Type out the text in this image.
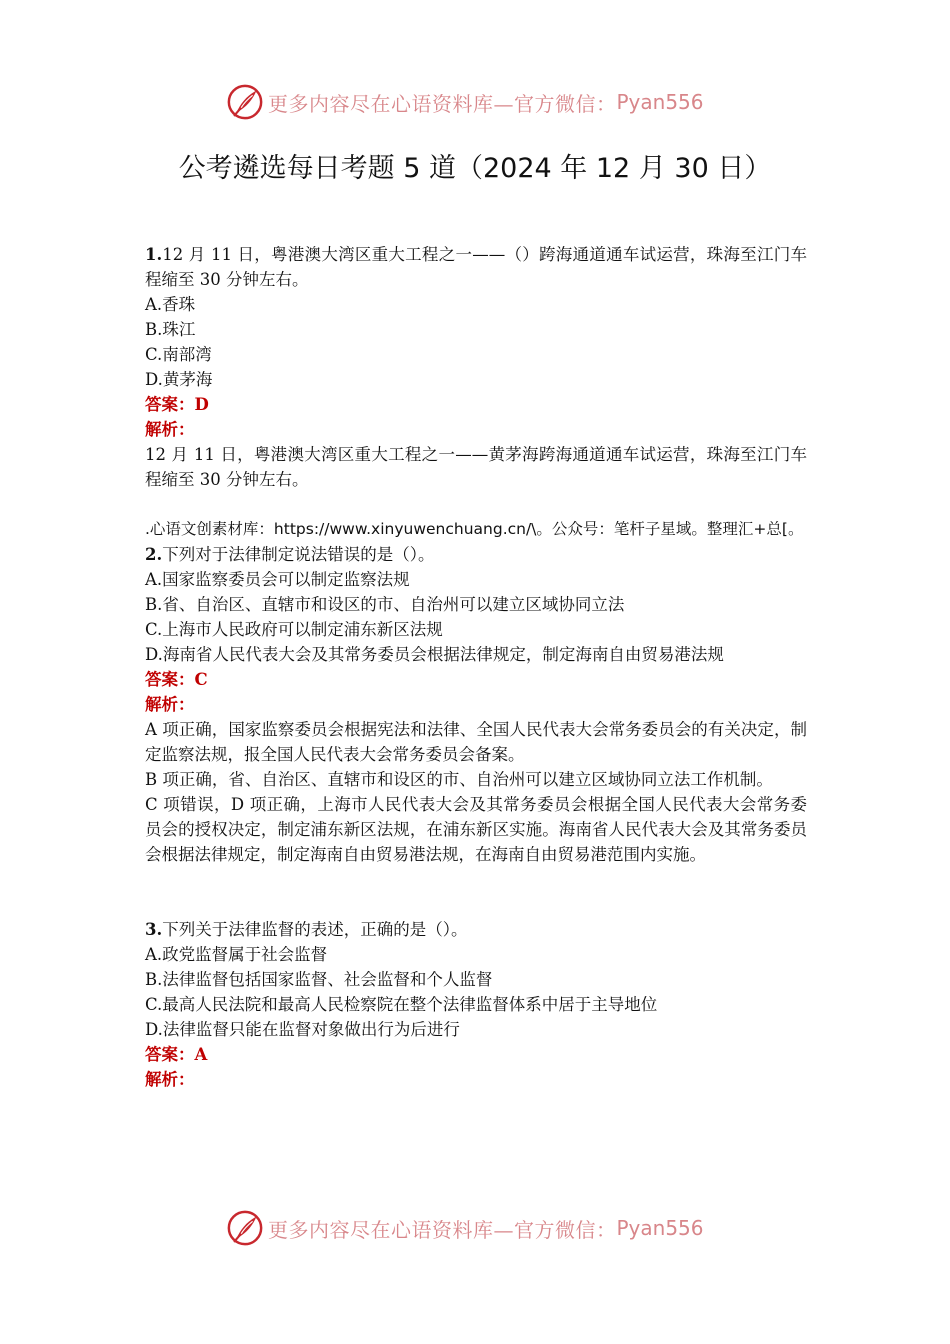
更多内容尽在心语资料库—官方微信： Pyan556
公考遴选每日考题 5 道（2024 年 12 月 30 日）

1.12 月 11 日，粤港澳大湾区重大工程之一——（）跨海通道通车试运营，珠海至江门车程缩至 30 分钟左右。

A.香珠

B.珠江

C.南部湾

D.黄茅海

答案：D

解析：

12 月 11 日，粤港澳大湾区重大工程之一——黄茅海跨海通道通车试运营，珠海至江门车程缩至 30 分钟左右。

.心语文创素材库：https://www.xinyuwenchuang.cn/\。公众号：笔杆子星域。整理汇+总[。

2.下列对于法律制定说法错误的是（）。

A.国家监察委员会可以制定监察法规

B.省、自治区、直辖市和设区的市、自治州可以建立区域协同立法

C.上海市人民政府可以制定浦东新区法规

D.海南省人民代表大会及其常务委员会根据法律规定，制定海南自由贸易港法规

答案：C

解析：

A 项正确，国家监察委员会根据宪法和法律、全国人民代表大会常务委员会的有关决定，制定监察法规，报全国人民代表大会常务委员会备案。

B 项正确，省、自治区、直辖市和设区的市、自治州可以建立区域协同立法工作机制。

C 项错误，D 项正确，上海市人民代表大会及其常务委员会根据全国人民代表大会常务委员会的授权决定，制定浦东新区法规，在浦东新区实施。海南省人民代表大会及其常务委员会根据法律规定，制定海南自由贸易港法规，在海南自由贸易港范围内实施。

3.下列关于法律监督的表述，正确的是（）。

A.政党监督属于社会监督

B.法律监督包括国家监督、社会监督和个人监督

C.最高人民法院和最高人民检察院在整个法律监督体系中居于主导地位

D.法律监督只能在监督对象做出行为后进行

答案：A

解析：

更多内容尽在心语资料库—官方微信： Pyan556
